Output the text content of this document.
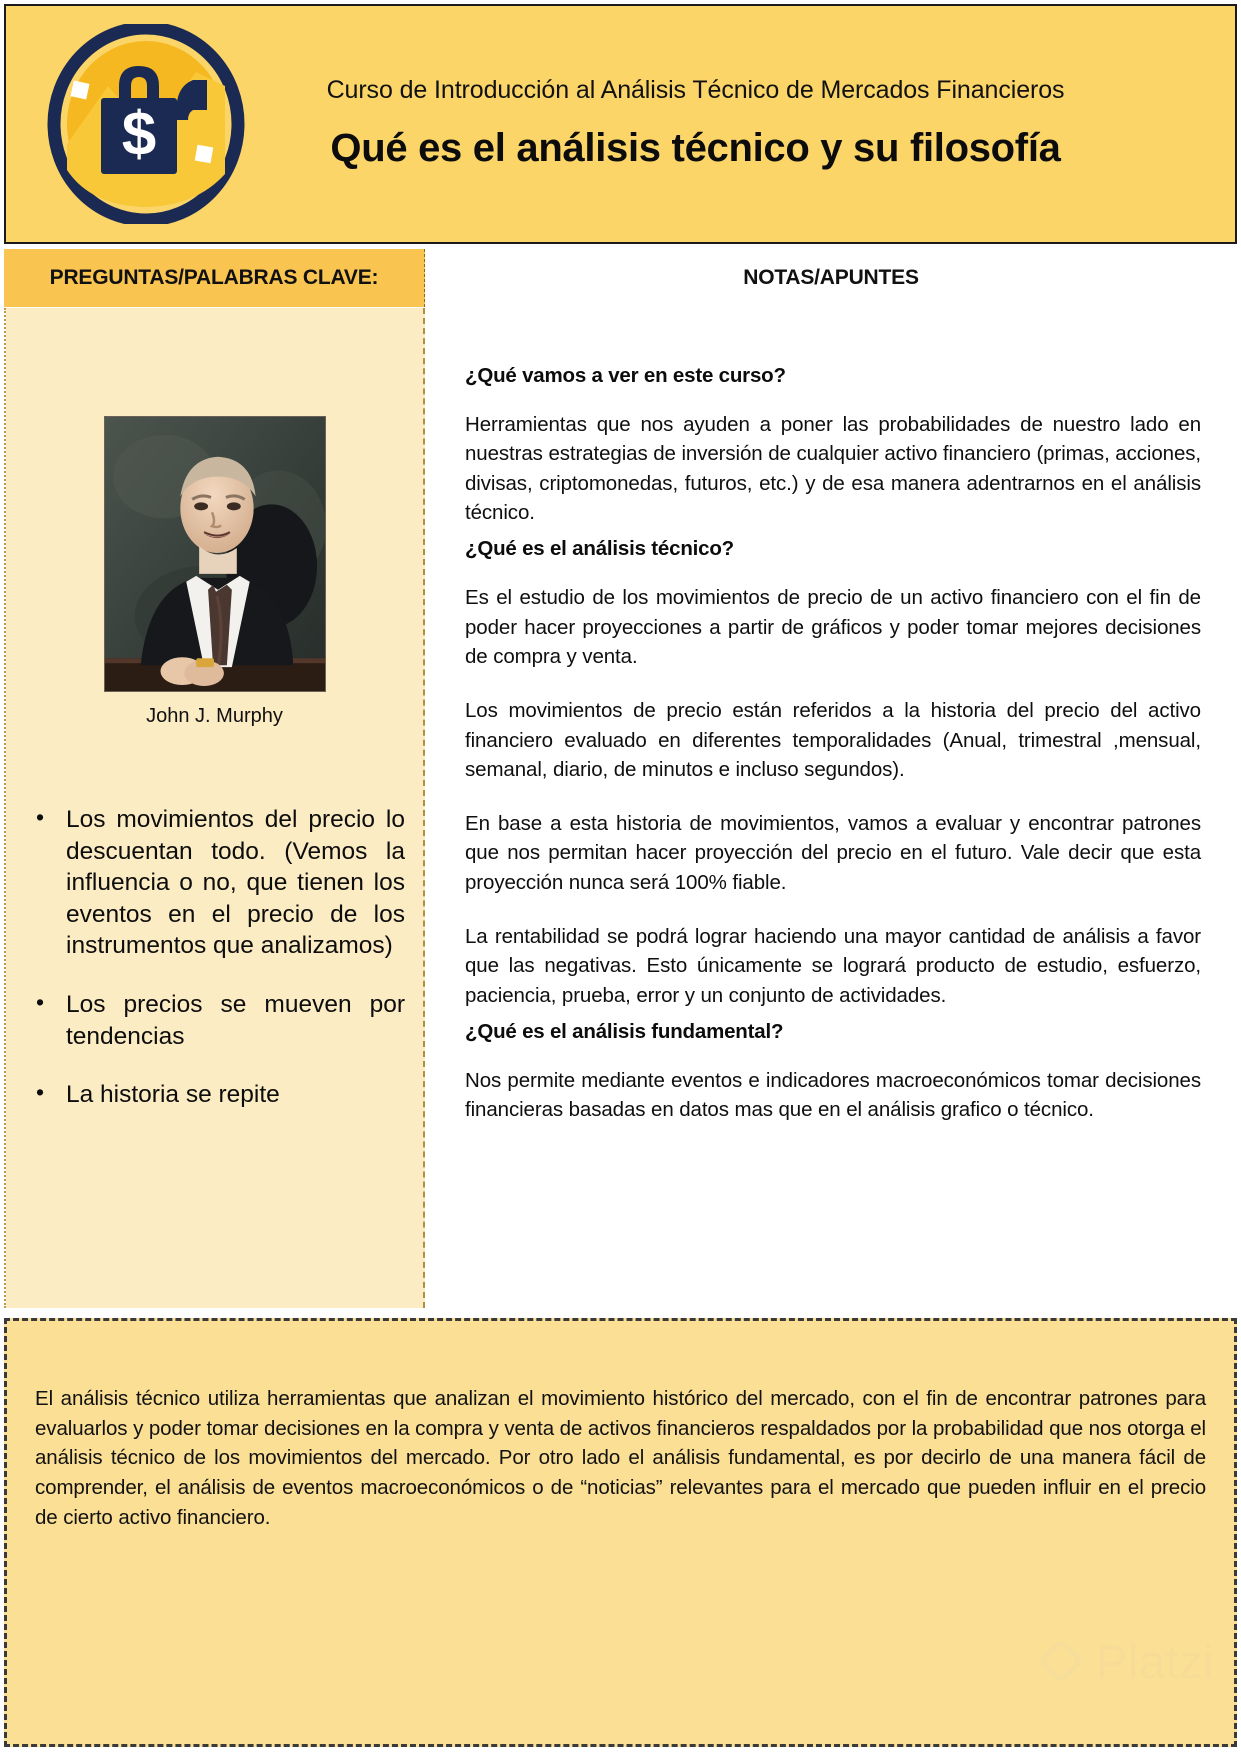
$
Curso de Introducción al Análisis Técnico de Mercados Financieros
Qué es el análisis técnico y su filosofía
PREGUNTAS/PALABRAS CLAVE:	NOTAS/APUNTES
John J. Murphy
• Los movimientos del precio lo descuentan todo. (Vemos la influencia o no, que tienen los eventos en el precio de los instrumentos que analizamos)
• Los precios se mueven por tendencias
• La historia se repite
¿Qué vamos a ver en este curso?

Herramientas que nos ayuden a poner las probabilidades de nuestro lado en nuestras estrategias de inversión de cualquier activo financiero (primas, acciones, divisas, criptomonedas, futuros, etc.) y de esa manera adentrarnos en el análisis técnico.

¿Qué es el análisis técnico?

Es el estudio de los movimientos de precio de un activo financiero con el fin de poder hacer proyecciones a partir de gráficos y poder tomar mejores decisiones de compra y venta.

Los movimientos de precio están referidos a la historia del precio del activo financiero evaluado en diferentes temporalidades (Anual, trimestral ,mensual, semanal, diario, de minutos e incluso segundos).

En base a esta historia de movimientos, vamos a evaluar y encontrar patrones que nos permitan hacer proyección del precio en el futuro. Vale decir que esta proyección nunca será 100% fiable.

La rentabilidad se podrá lograr haciendo una mayor cantidad de análisis a favor que las negativas. Esto únicamente se logrará producto de estudio, esfuerzo, paciencia, prueba, error y un conjunto de actividades.

¿Qué es el análisis fundamental?

Nos permite mediante eventos e indicadores macroeconómicos tomar decisiones financieras basadas en datos mas que en el análisis grafico o técnico.

El análisis técnico utiliza herramientas que analizan el movimiento histórico del mercado, con el fin de encontrar patrones para evaluarlos y poder tomar decisiones en la compra y venta de activos financieros respaldados por la probabilidad que nos otorga el análisis técnico de los movimientos del mercado. Por otro lado el análisis fundamental, es por decirlo de una manera fácil de comprender, el análisis de eventos macroeconómicos o de “noticias” relevantes para el mercado que pueden influir en el precio de cierto activo financiero.
Platzi
